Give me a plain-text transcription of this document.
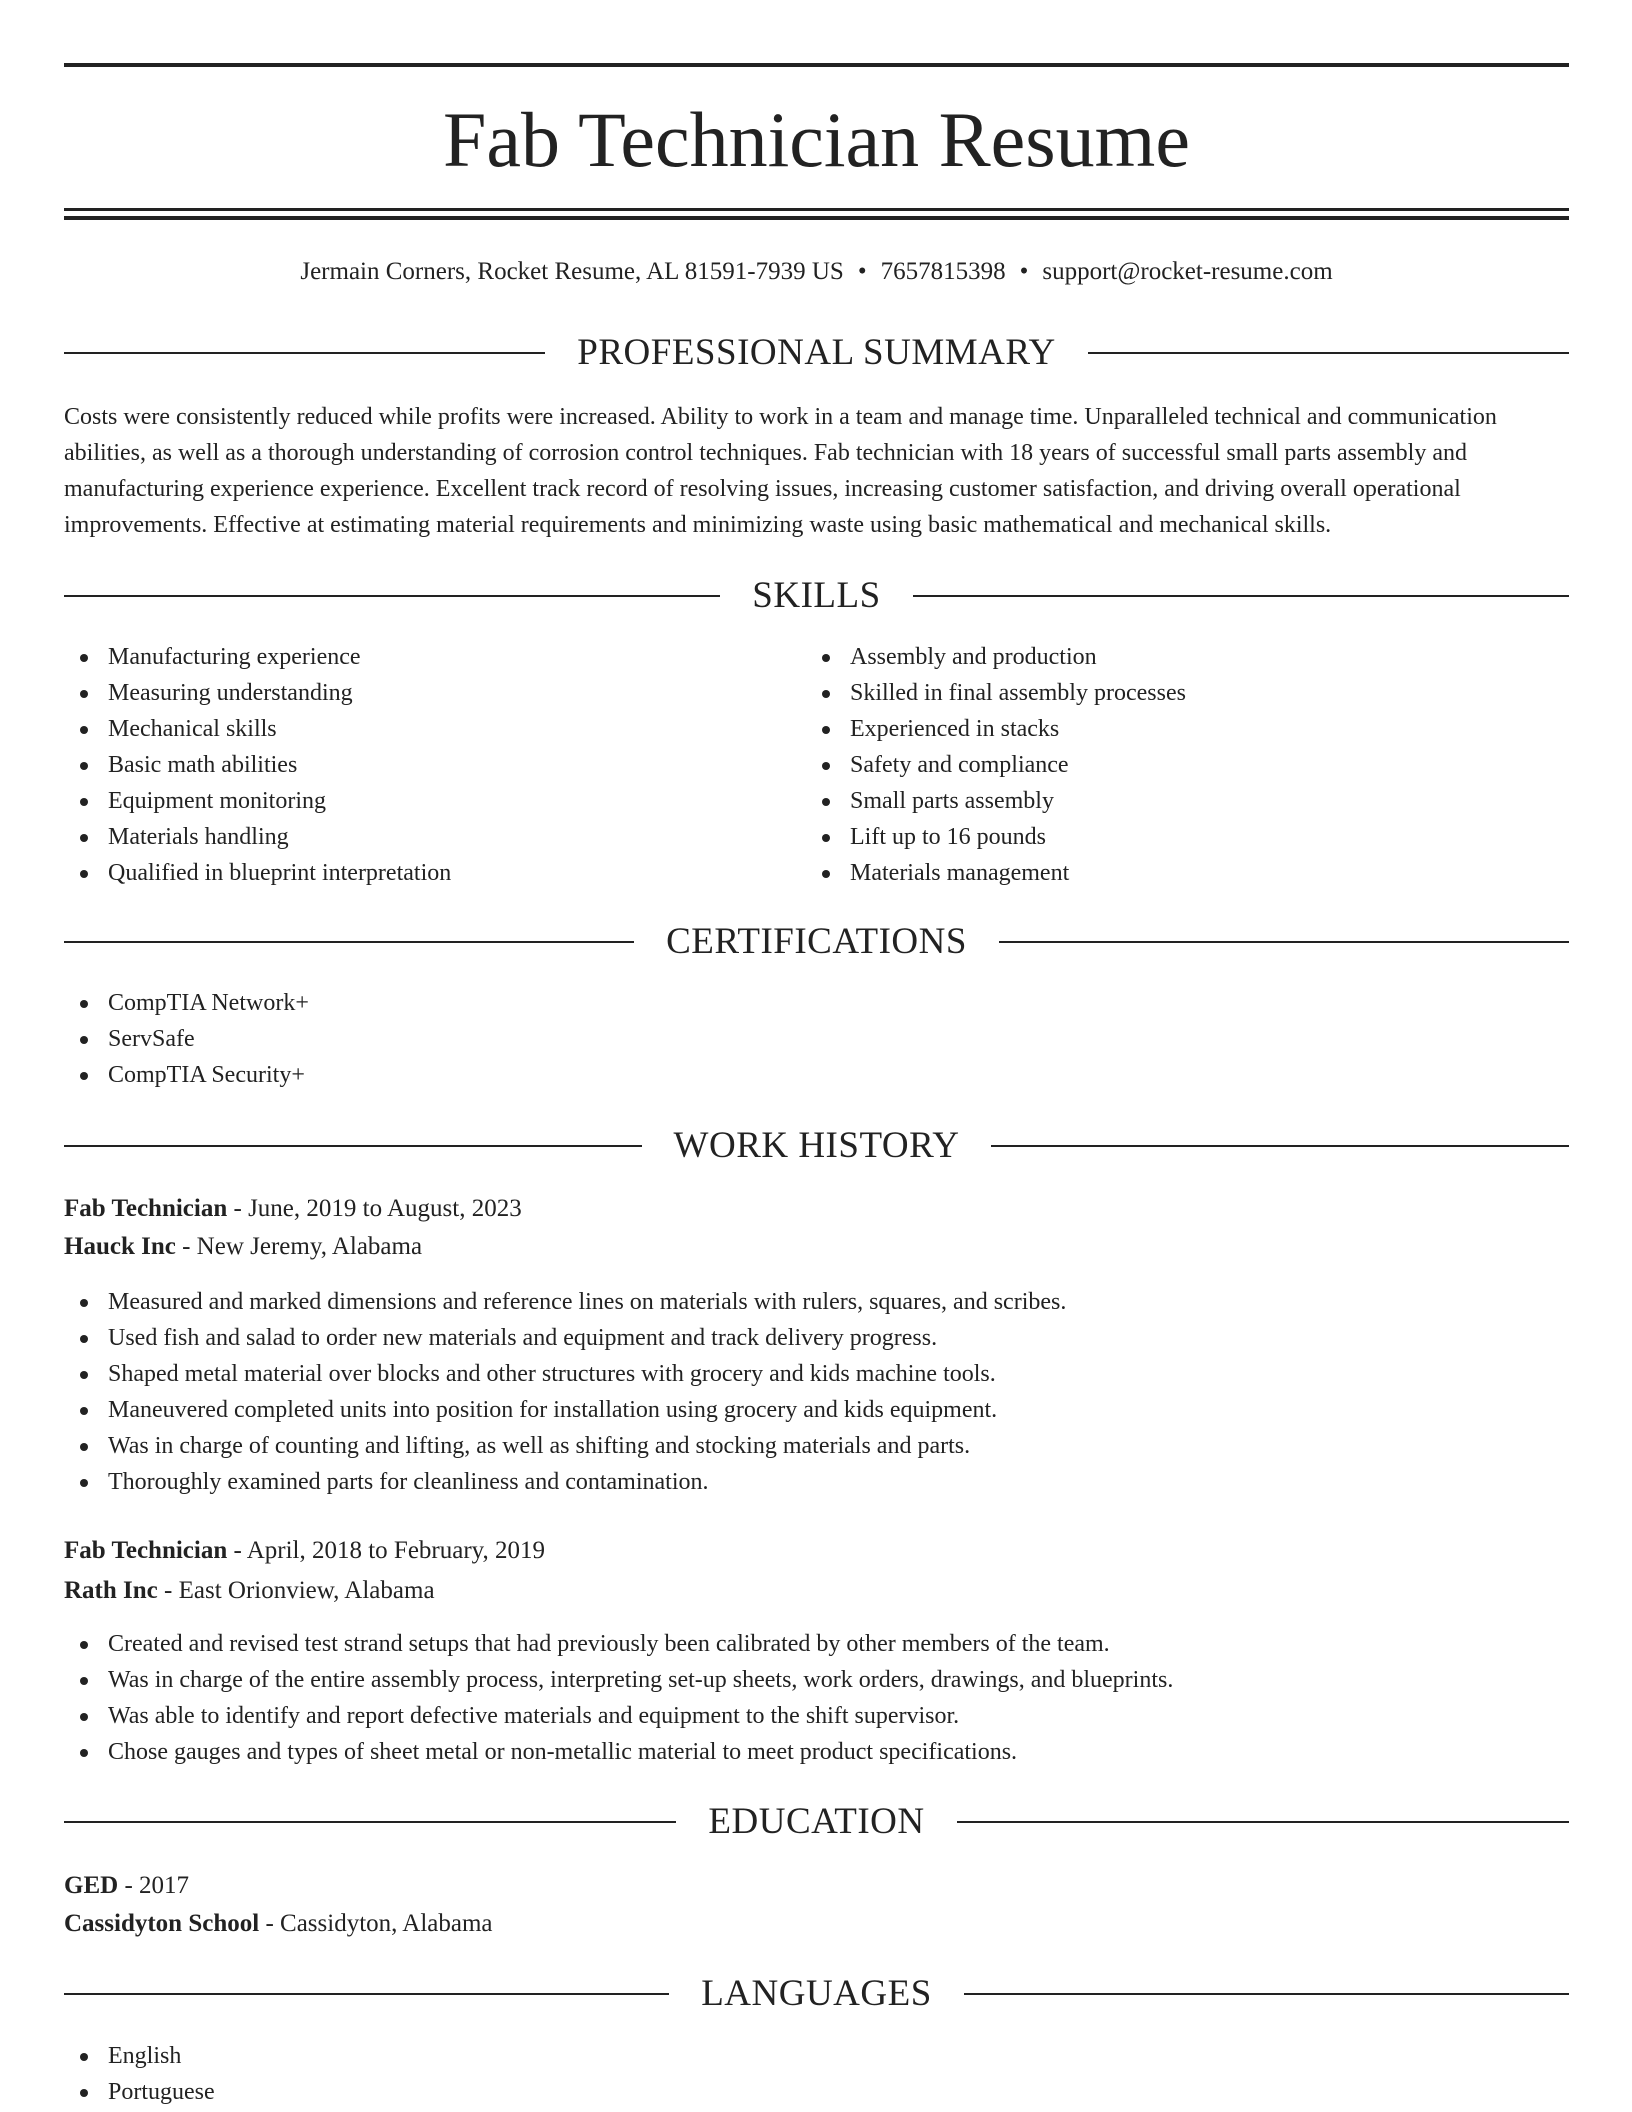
Fab Technician Resume
Jermain Corners, Rocket Resume, AL 81591-7939 US • 7657815398 • support@rocket-resume.com
PROFESSIONAL SUMMARY

Costs were consistently reduced while profits were increased. Ability to work in a team and manage time. Unparalleled technical and communication abilities, as well as a thorough understanding of corrosion control techniques. Fab technician with 18 years of successful small parts assembly and manufacturing experience experience. Excellent track record of resolving issues, increasing customer satisfaction, and driving overall operational improvements. Effective at estimating material requirements and minimizing waste using basic mathematical and mechanical skills.

SKILLS
Manufacturing experience
Measuring understanding
Mechanical skills
Basic math abilities
Equipment monitoring
Materials handling
Qualified in blueprint interpretation
Assembly and production
Skilled in final assembly processes
Experienced in stacks
Safety and compliance
Small parts assembly
Lift up to 16 pounds
Materials management
CERTIFICATIONS
CompTIA Network+
ServSafe
CompTIA Security+
WORK HISTORY
Fab Technician - June, 2019 to August, 2023
Hauck Inc - New Jeremy, Alabama
Measured and marked dimensions and reference lines on materials with rulers, squares, and scribes.
Used fish and salad to order new materials and equipment and track delivery progress.
Shaped metal material over blocks and other structures with grocery and kids machine tools.
Maneuvered completed units into position for installation using grocery and kids equipment.
Was in charge of counting and lifting, as well as shifting and stocking materials and parts.
Thoroughly examined parts for cleanliness and contamination.
Fab Technician - April, 2018 to February, 2019
Rath Inc - East Orionview, Alabama
Created and revised test strand setups that had previously been calibrated by other members of the team.
Was in charge of the entire assembly process, interpreting set-up sheets, work orders, drawings, and blueprints.
Was able to identify and report defective materials and equipment to the shift supervisor.
Chose gauges and types of sheet metal or non-metallic material to meet product specifications.
EDUCATION
GED - 2017
Cassidyton School - Cassidyton, Alabama
LANGUAGES
English
Portuguese
